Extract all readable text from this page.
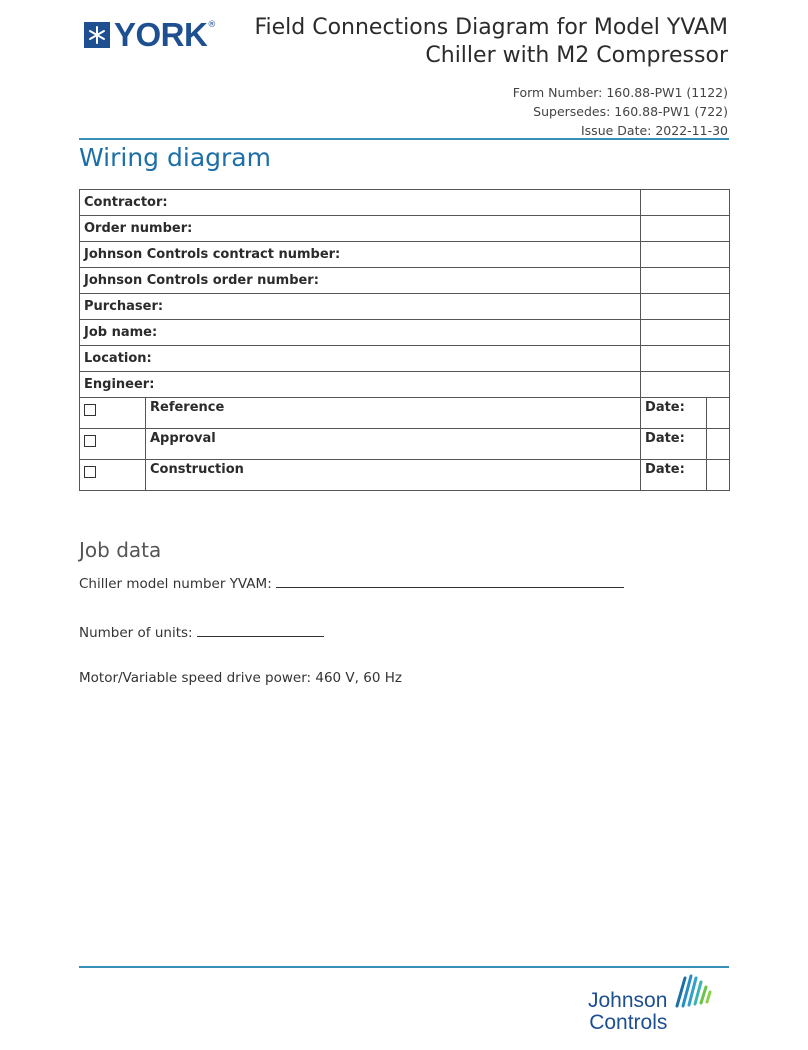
YORK ® Field Connections Diagram for Model YVAM
Chiller with M2 Compressor
Form Number: 160.88-PW1 (1122)
Supersedes: 160.88-PW1 (722)
Issue Date: 2022-11-30
Wiring diagram
Contractor:			
Order number:			
Johnson Controls contract number:			
Johnson Controls order number:			
Purchaser:			
Job name:			
Location:			
Engineer:			
	Reference	Date:	
	Approval	Date:	
	Construction	Date:	
Job data
Chiller model number YVAM:
Number of units:
Motor/Variable speed drive power: 460 V, 60 Hz
Johnson
Controls
